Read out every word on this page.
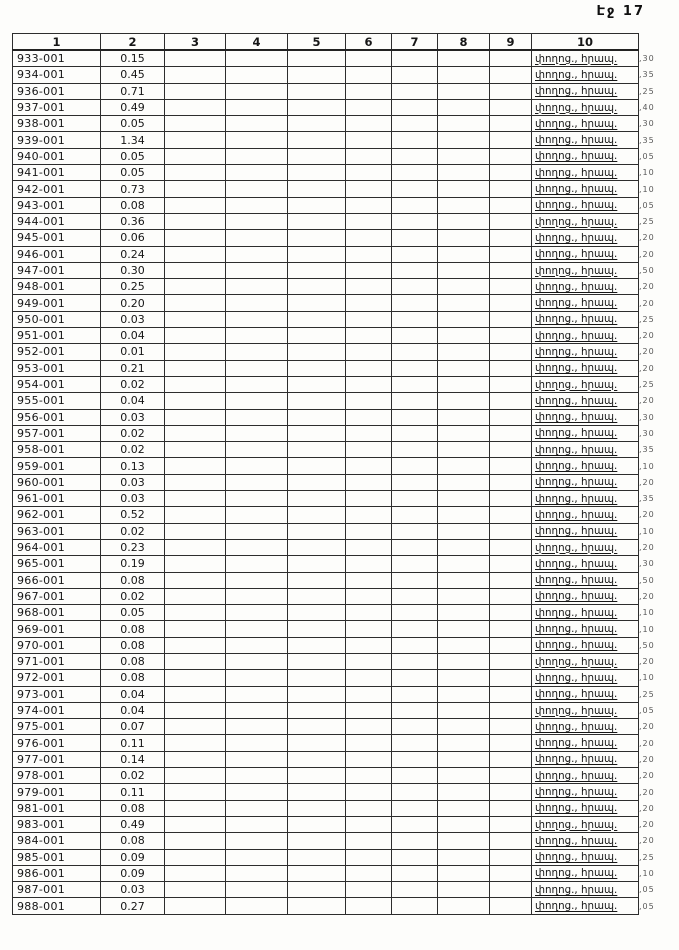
Էջ 17
1	2	3	4	5	6	7	8	9	10	
933-001	0.15								փողոց., հրապ.	,30
934-001	0.45								փողոց., հրապ.	,35
936-001	0.71								փողոց., հրապ.	,25
937-001	0.49								փողոց., հրապ.	,40
938-001	0.05								փողոց., հրապ.	,30
939-001	1.34								փողոց., հրապ.	,35
940-001	0.05								փողոց., հրապ.	,05
941-001	0.05								փողոց., հրապ.	,10
942-001	0.73								փողոց., հրապ.	,10
943-001	0.08								փողոց., հրապ.	,05
944-001	0.36								փողոց., հրապ.	,25
945-001	0.06								փողոց., հրապ.	,20
946-001	0.24								փողոց., հրապ.	,20
947-001	0.30								փողոց., հրապ.	,50
948-001	0.25								փողոց., հրապ.	,20
949-001	0.20								փողոց., հրապ.	,20
950-001	0.03								փողոց., հրապ.	,25
951-001	0.04								փողոց., հրապ.	,20
952-001	0.01								փողոց., հրապ.	,20
953-001	0.21								փողոց., հրապ.	,20
954-001	0.02								փողոց., հրապ.	,25
955-001	0.04								փողոց., հրապ.	,20
956-001	0.03								փողոց., հրապ.	,30
957-001	0.02								փողոց., հրապ.	,30
958-001	0.02								փողոց., հրապ.	,35
959-001	0.13								փողոց., հրապ.	,10
960-001	0.03								փողոց., հրապ.	,20
961-001	0.03								փողոց., հրապ.	,35
962-001	0.52								փողոց., հրապ.	,20
963-001	0.02								փողոց., հրապ.	,10
964-001	0.23								փողոց., հրապ.	,20
965-001	0.19								փողոց., հրապ.	,30
966-001	0.08								փողոց., հրապ.	,50
967-001	0.02								փողոց., հրապ.	,20
968-001	0.05								փողոց., հրապ.	,10
969-001	0.08								փողոց., հրապ.	,10
970-001	0.08								փողոց., հրապ.	,50
971-001	0.08								փողոց., հրապ.	,20
972-001	0.08								փողոց., հրապ.	,10
973-001	0.04								փողոց., հրապ.	,25
974-001	0.04								փողոց., հրապ.	,05
975-001	0.07								փողոց., հրապ.	,20
976-001	0.11								փողոց., հրապ.	,20
977-001	0.14								փողոց., հրապ.	,20
978-001	0.02								փողոց., հրապ.	,20
979-001	0.11								փողոց., հրապ.	,20
981-001	0.08								փողոց., հրապ.	,20
983-001	0.49								փողոց., հրապ.	,20
984-001	0.08								փողոց., հրապ.	,20
985-001	0.09								փողոց., հրապ.	,25
986-001	0.09								փողոց., հրապ.	,10
987-001	0.03								փողոց., հրապ.	,05
988-001	0.27								փողոց., հրապ.	,05
